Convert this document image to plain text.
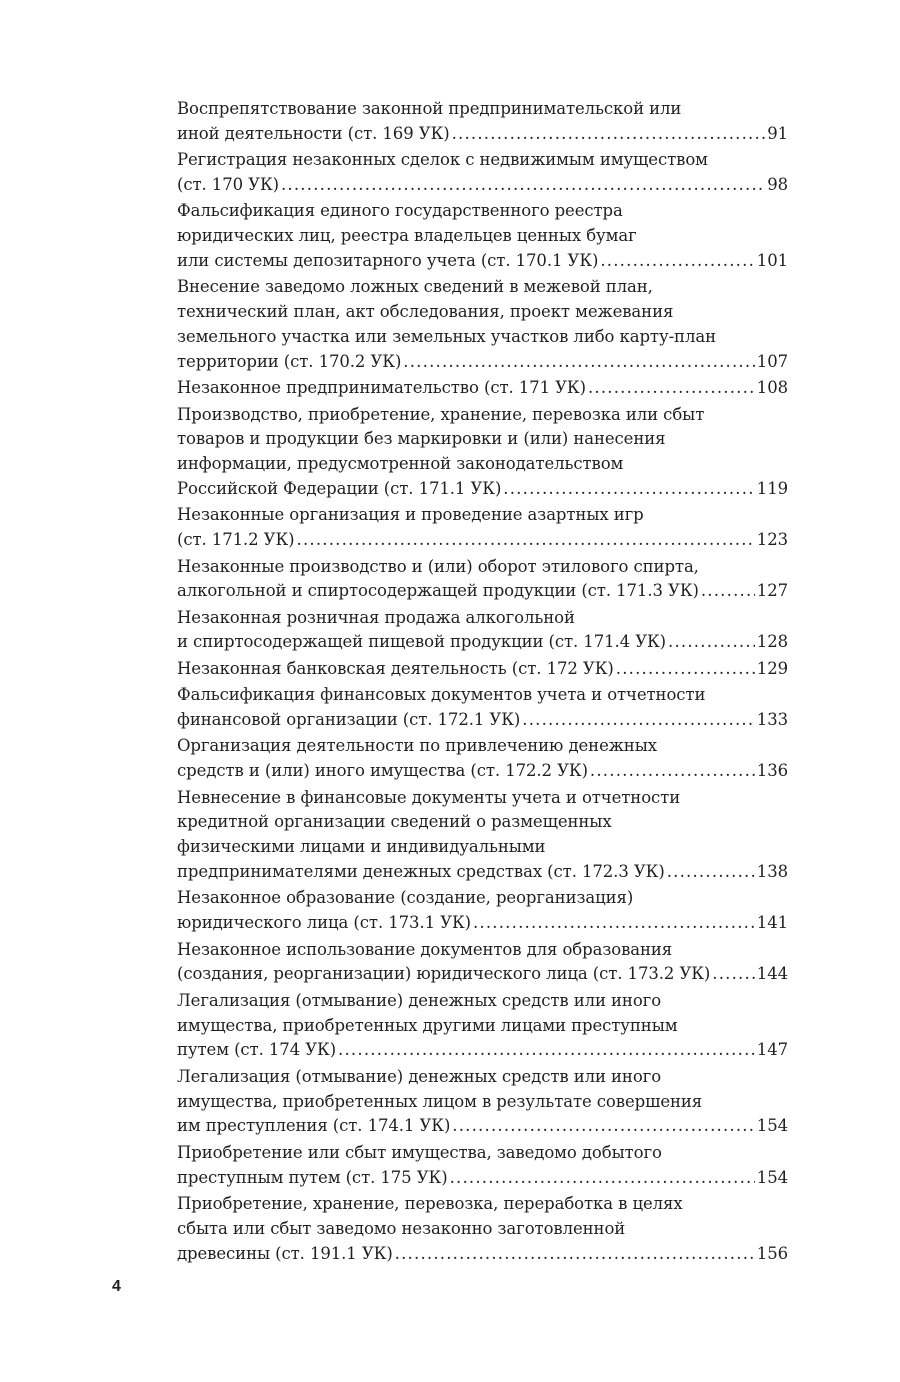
Воспрепятствование законной предпринимательской или
иной деятельности (ст. 169 УК) .....	91
Регистрация незаконных сделок с недвижимым имуществом
(ст. 170 УК) .....	98
Фальсификация единого государственного реестра
юридических лиц, реестра владельцев ценных бумаг
или системы депозитарного учета (ст. 170.1 УК) .....	101
Внесение заведомо ложных сведений в межевой план,
технический план, акт обследования, проект межевания
земельного участка или земельных участков либо карту-план
территории (ст. 170.2 УК) .....	107
Незаконное предпринимательство (ст. 171 УК) .....	108
Производство, приобретение, хранение, перевозка или сбыт
товаров и продукции без маркировки и (или) нанесения
информации, предусмотренной законодательством
Российской Федерации (ст. 171.1 УК) .....	119
Незаконные организация и проведение азартных игр
(ст. 171.2 УК) .....	123
Незаконные производство и (или) оборот этилового спирта,
алкогольной и спиртосодержащей продукции (ст. 171.3 УК) .....	127
Незаконная розничная продажа алкогольной
и спиртосодержащей пищевой продукции (ст. 171.4 УК) .....	128
Незаконная банковская деятельность (ст. 172 УК) .....	129
Фальсификация финансовых документов учета и отчетности
финансовой организации (ст. 172.1 УК) .....	133
Организация деятельности по привлечению денежных
средств и (или) иного имущества (ст. 172.2 УК) .....	136
Невнесение в финансовые документы учета и отчетности
кредитной организации сведений о размещенных
физическими лицами и индивидуальными
предпринимателями денежных средствах (ст. 172.3 УК) .....	138
Незаконное образование (создание, реорганизация)
юридического лица (ст. 173.1 УК) .....	141
Незаконное использование документов для образования
(создания, реорганизации) юридического лица (ст. 173.2 УК) .....	144
Легализация (отмывание) денежных средств или иного
имущества, приобретенных другими лицами преступным
путем (ст. 174 УК) .....	147
Легализация (отмывание) денежных средств или иного
имущества, приобретенных лицом в результате совершения
им преступления (ст. 174.1 УК) .....	154
Приобретение или сбыт имущества, заведомо добытого
преступным путем (ст. 175 УК) .....	154
Приобретение, хранение, перевозка, переработка в целях
сбыта или сбыт заведомо незаконно заготовленной
древесины (ст. 191.1 УК) .....	156
4
